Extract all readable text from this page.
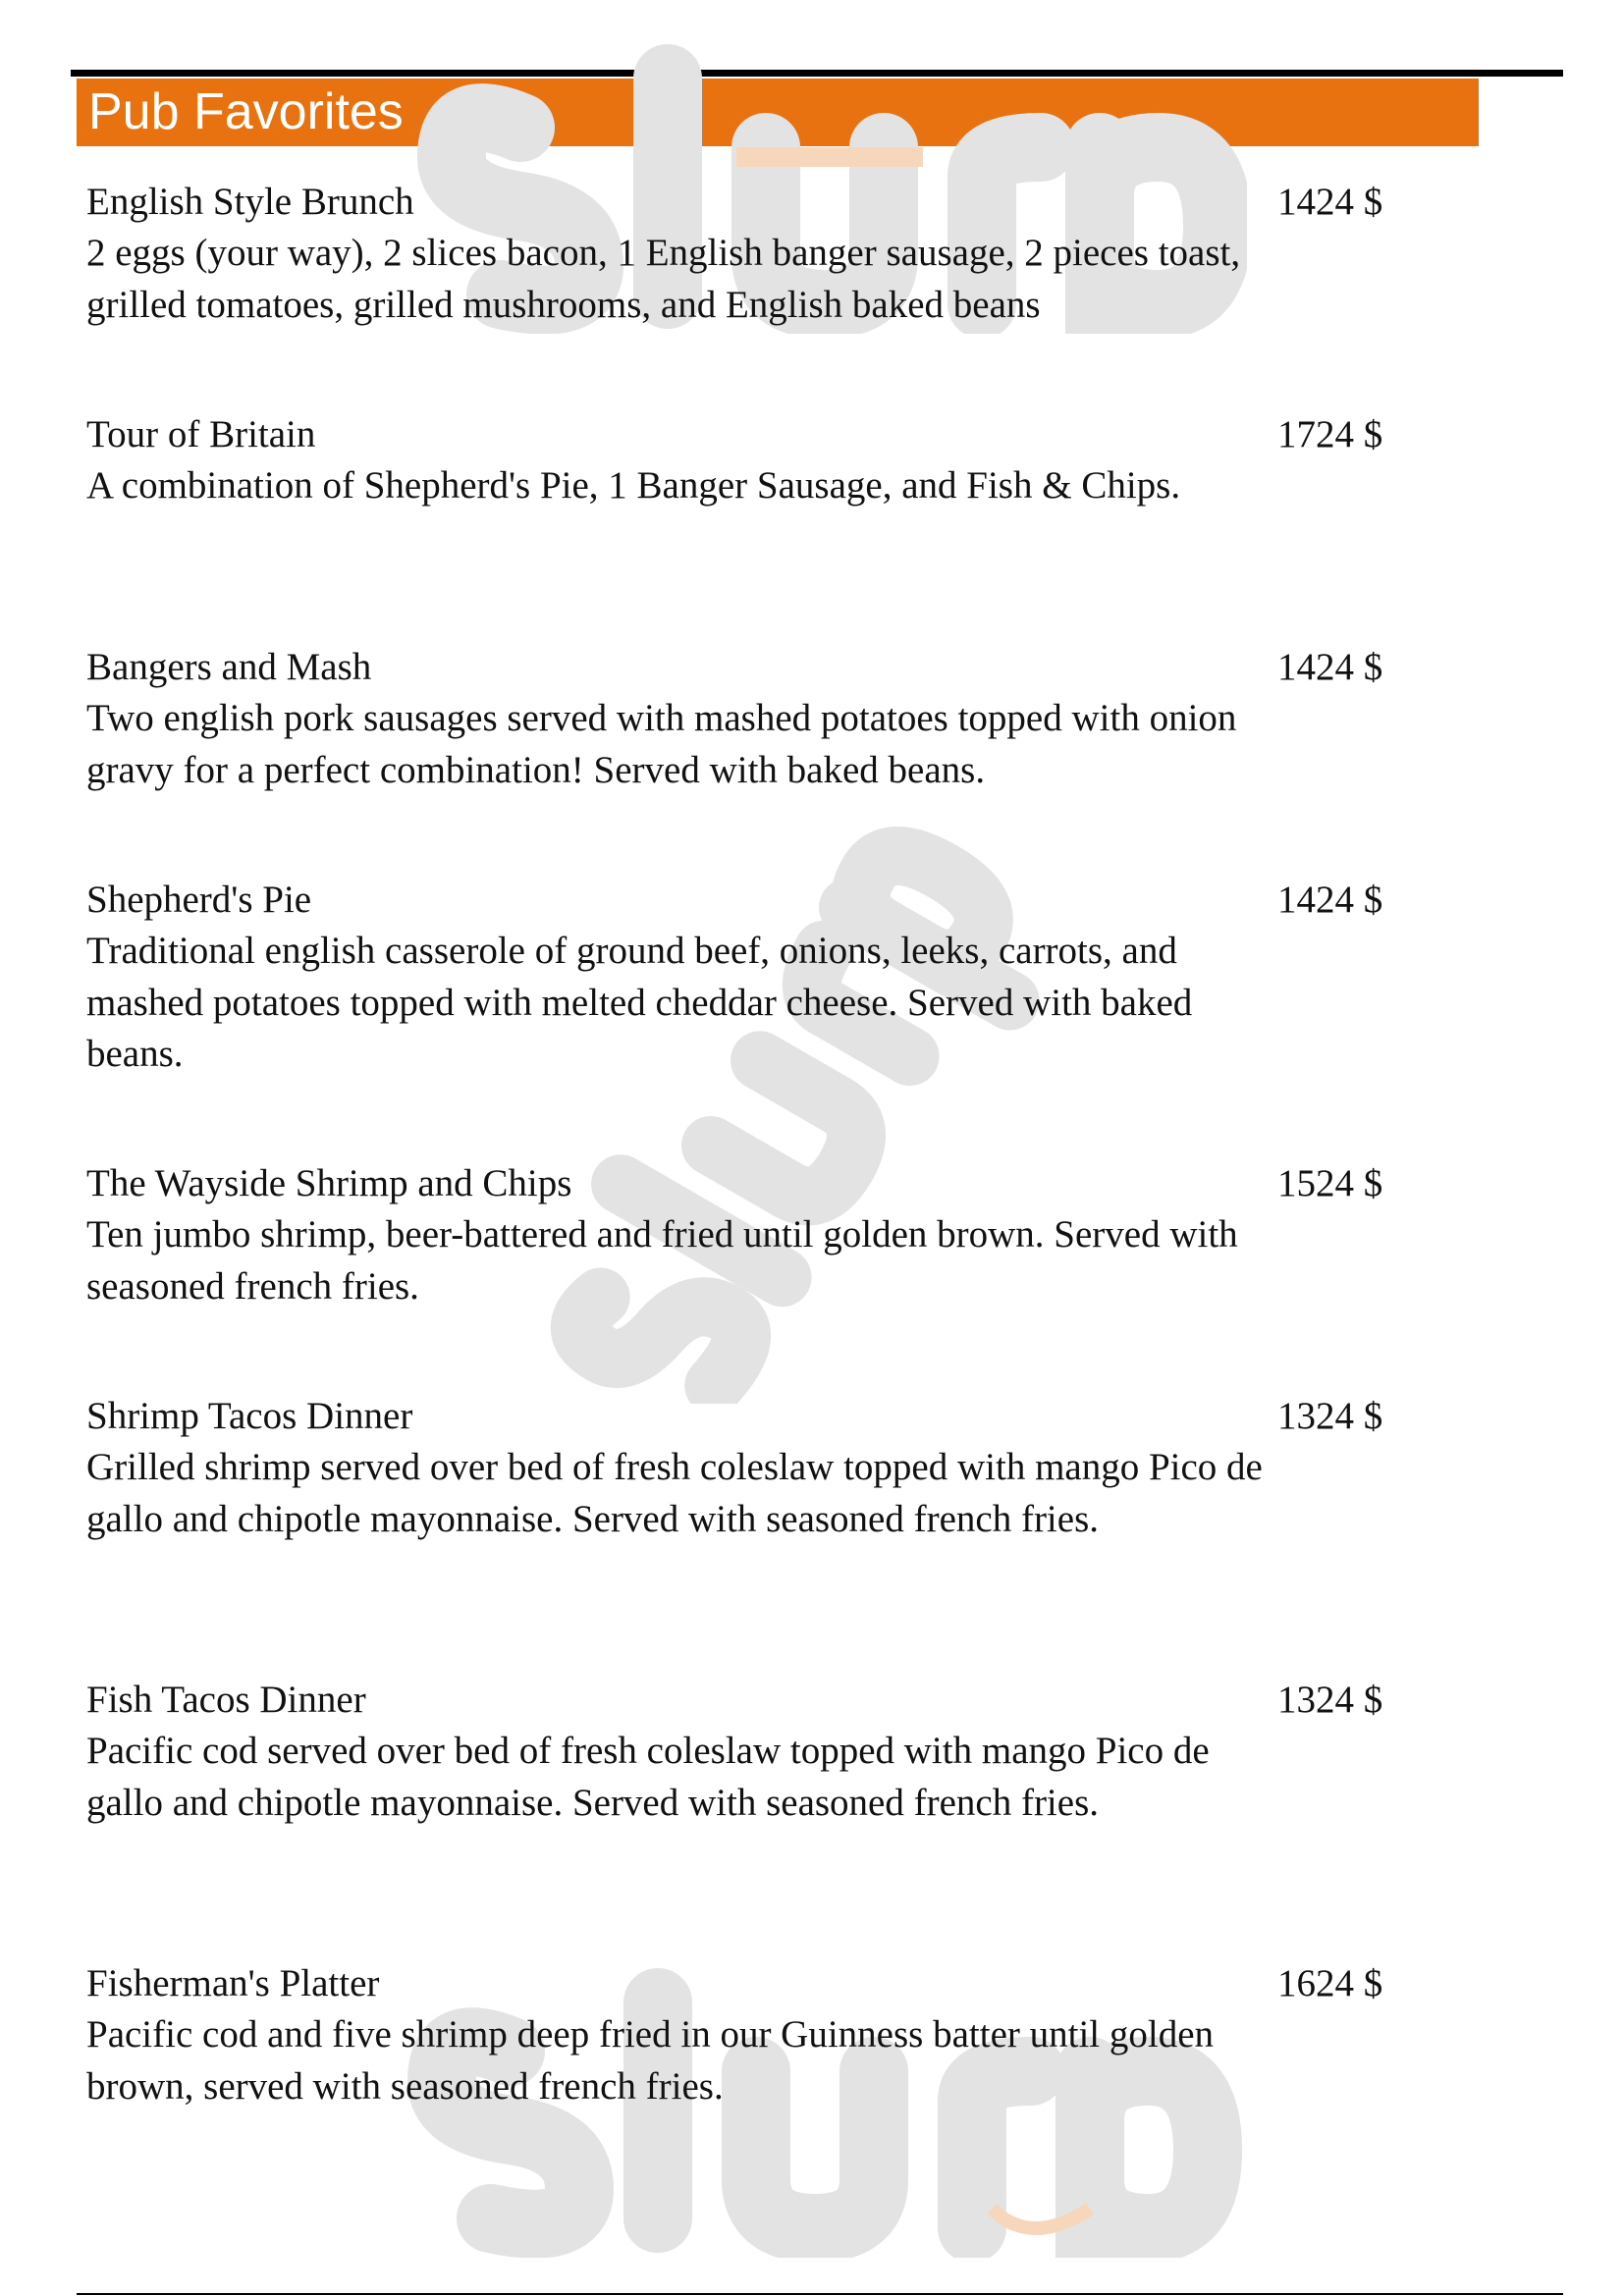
Pub Favorites
English Style Brunch	1424 $
2 eggs (your way), 2 slices bacon, 1 English banger sausage, 2 pieces toast, grilled tomatoes, grilled mushrooms, and English baked beans
Tour of Britain	1724 $
A combination of Shepherd's Pie, 1 Banger Sausage, and Fish & Chips.
Bangers and Mash	1424 $
Two english pork sausages served with mashed potatoes topped with onion gravy for a perfect combination! Served with baked beans.
Shepherd's Pie	1424 $
Traditional english casserole of ground beef, onions, leeks, carrots, and mashed potatoes topped with melted cheddar cheese. Served with baked beans.
The Wayside Shrimp and Chips	1524 $
Ten jumbo shrimp, beer-battered and fried until golden brown. Served with seasoned french fries.
Shrimp Tacos Dinner	1324 $
Grilled shrimp served over bed of fresh coleslaw topped with mango Pico de gallo and chipotle mayonnaise. Served with seasoned french fries.
Fish Tacos Dinner	1324 $
Pacific cod served over bed of fresh coleslaw topped with mango Pico de gallo and chipotle mayonnaise. Served with seasoned french fries.
Fisherman's Platter	1624 $
Pacific cod and five shrimp deep fried in our Guinness batter until golden brown, served with seasoned french fries.
